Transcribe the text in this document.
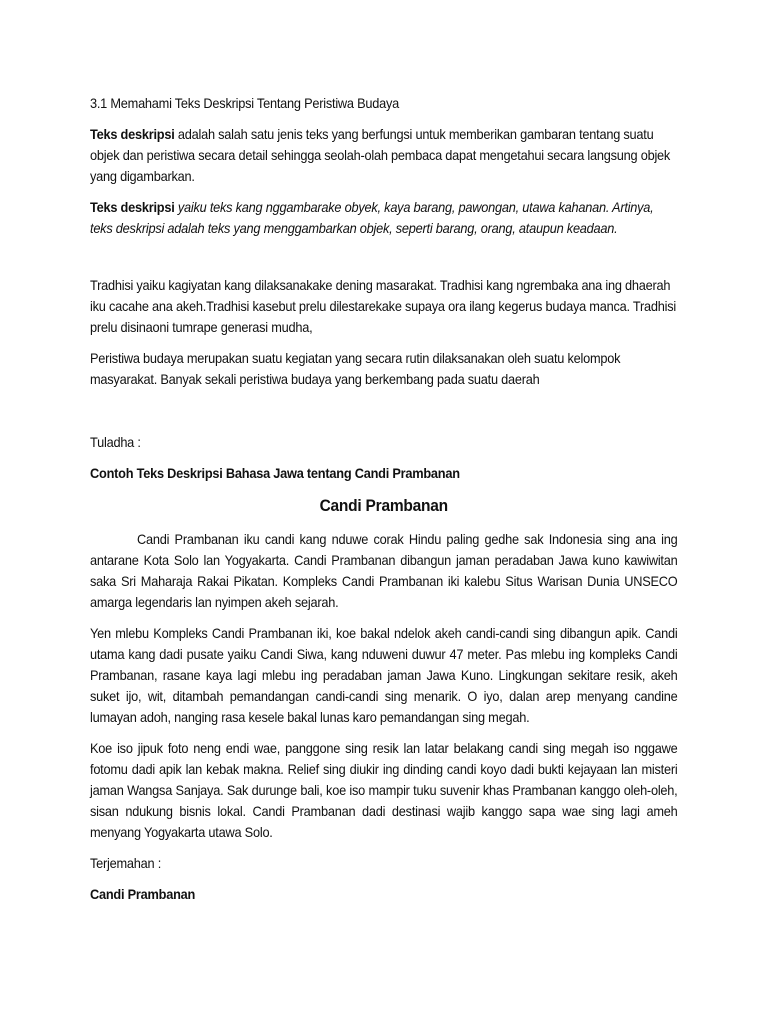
3.1 Memahami Teks Deskripsi Tentang Peristiwa Budaya

Teks deskripsi adalah salah satu jenis teks yang berfungsi untuk memberikan gambaran tentang suatu objek dan peristiwa secara detail sehingga seolah-olah pembaca dapat mengetahui secara langsung objek yang digambarkan.

Teks deskripsi yaiku teks kang nggambarake obyek, kaya barang, pawongan, utawa kahanan. Artinya, teks deskripsi adalah teks yang menggambarkan objek, seperti barang, orang, ataupun keadaan.

Tradhisi yaiku kagiyatan kang dilaksanakake dening masarakat. Tradhisi kang ngrembaka ana ing dhaerah iku cacahe ana akeh.Tradhisi kasebut prelu dilestarekake supaya ora ilang kegerus budaya manca. Tradhisi prelu disinaoni tumrape generasi mudha,

Peristiwa budaya merupakan suatu kegiatan yang secara rutin dilaksanakan oleh suatu kelompok masyarakat. Banyak sekali peristiwa budaya yang berkembang pada suatu daerah

Tuladha :

Contoh Teks Deskripsi Bahasa Jawa tentang Candi Prambanan

Candi Prambanan

Candi Prambanan iku candi kang nduwe corak Hindu paling gedhe sak Indonesia sing ana ing antarane Kota Solo lan Yogyakarta. Candi Prambanan dibangun jaman peradaban Jawa kuno kawiwitan saka Sri Maharaja Rakai Pikatan. Kompleks Candi Prambanan iki kalebu Situs Warisan Dunia UNSECO amarga legendaris lan nyimpen akeh sejarah.

Yen mlebu Kompleks Candi Prambanan iki, koe bakal ndelok akeh candi-candi sing dibangun apik. Candi utama kang dadi pusate yaiku Candi Siwa, kang nduweni duwur 47 meter. Pas mlebu ing kompleks Candi Prambanan, rasane kaya lagi mlebu ing peradaban jaman Jawa Kuno. Lingkungan sekitare resik, akeh suket ijo, wit, ditambah pemandangan candi-candi sing menarik. O iyo, dalan arep menyang candine lumayan adoh, nanging rasa kesele bakal lunas karo pemandangan sing megah.

Koe iso jipuk foto neng endi wae, panggone sing resik lan latar belakang candi sing megah iso nggawe fotomu dadi apik lan kebak makna. Relief sing diukir ing dinding candi koyo dadi bukti kejayaan lan misteri jaman Wangsa Sanjaya. Sak durunge bali, koe iso mampir tuku suvenir khas Prambanan kanggo oleh-oleh, sisan ndukung bisnis lokal. Candi Prambanan dadi destinasi wajib kanggo sapa wae sing lagi ameh menyang Yogyakarta utawa Solo.

Terjemahan :

Candi Prambanan
